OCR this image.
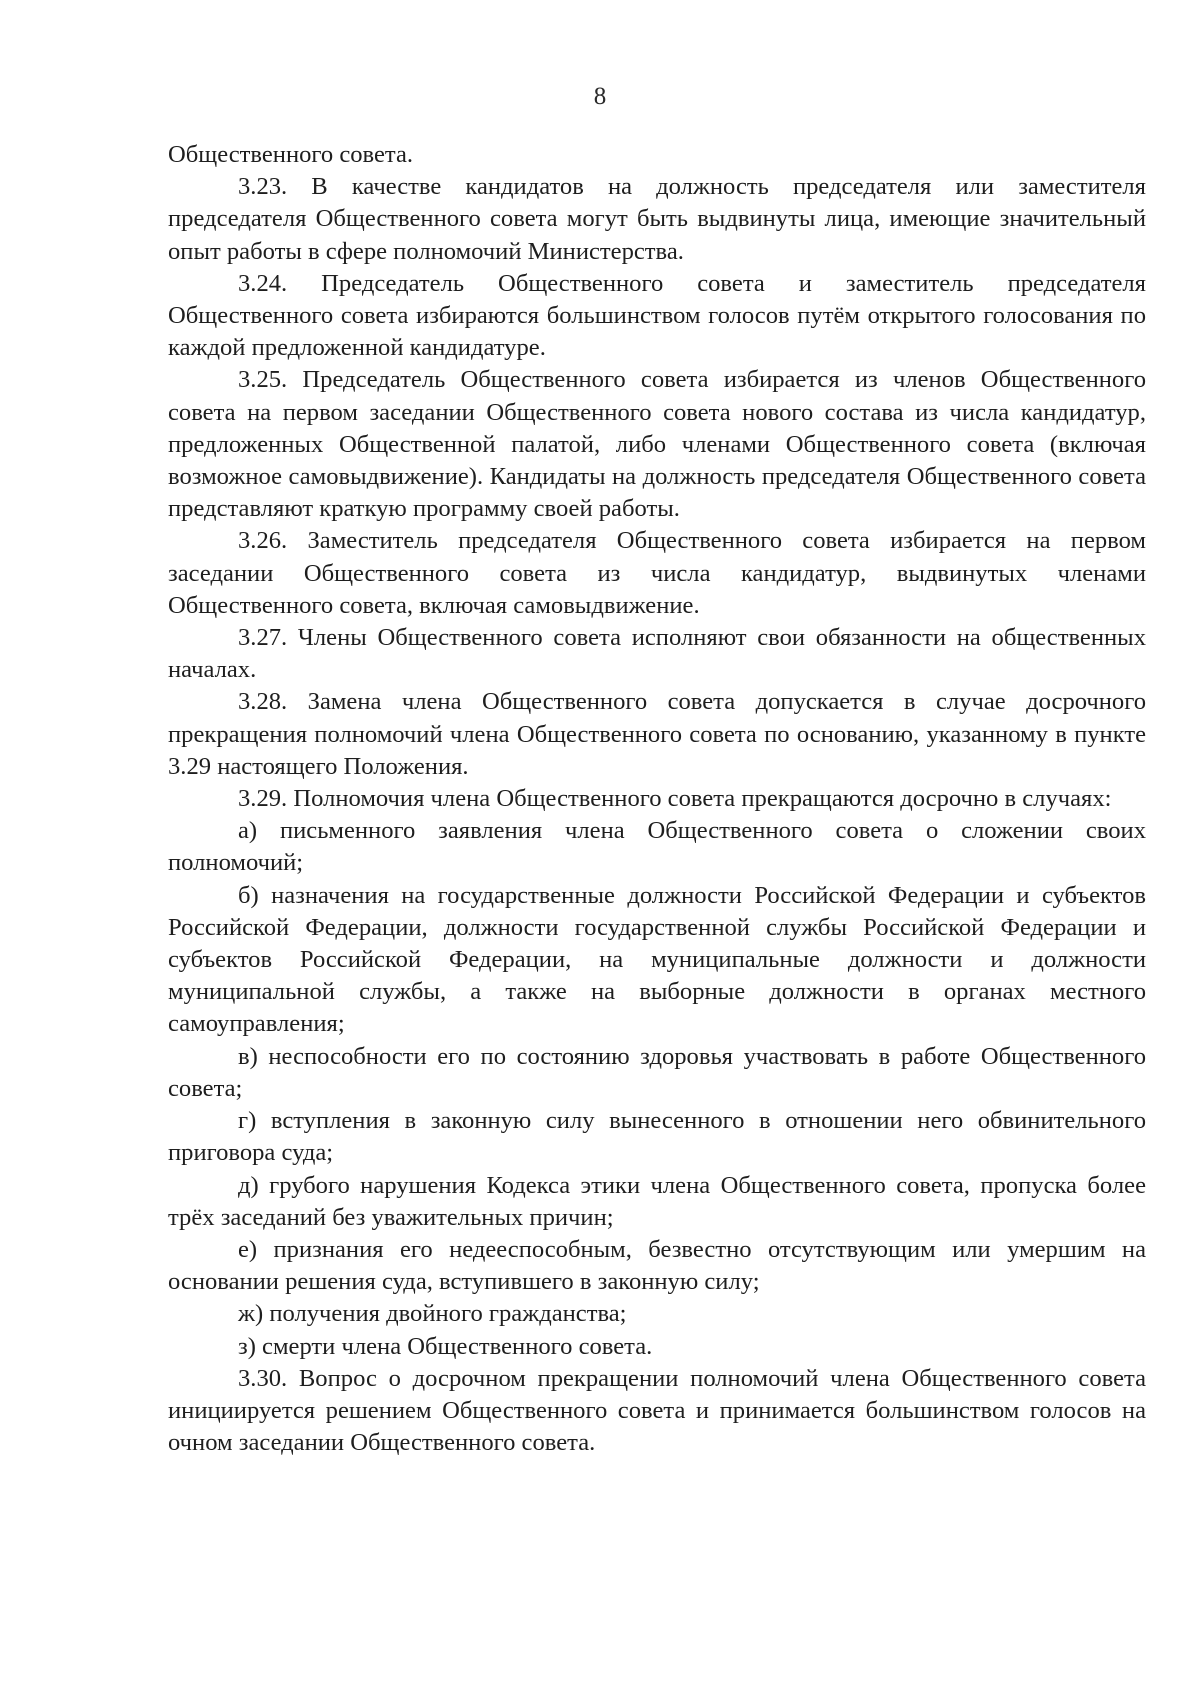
8

Общественного совета.

3.23. В качестве кандидатов на должность председателя или заместителя председателя Общественного совета могут быть выдвинуты лица, имеющие значительный опыт работы в сфере полномочий Министерства.

3.24. Председатель Общественного совета и заместитель председателя Общественного совета избираются большинством голосов путём открытого голосования по каждой предложенной кандидатуре.

3.25. Председатель Общественного совета избирается из членов Общественного совета на первом заседании Общественного совета нового состава из числа кандидатур, предложенных Общественной палатой, либо членами Общественного совета (включая возможное самовыдвижение). Кандидаты на должность председателя Общественного совета представляют краткую программу своей работы.

3.26. Заместитель председателя Общественного совета избирается на первом заседании Общественного совета из числа кандидатур, выдвинутых членами Общественного совета, включая самовыдвижение.

3.27. Члены Общественного совета исполняют свои обязанности на общественных началах.

3.28. Замена члена Общественного совета допускается в случае досрочного прекращения полномочий члена Общественного совета по основанию, указанному в пункте 3.29 настоящего Положения.

3.29. Полномочия члена Общественного совета прекращаются досрочно в случаях:

а) письменного заявления члена Общественного совета о сложении своих полномочий;

б) назначения на государственные должности Российской Федерации и субъектов Российской Федерации, должности государственной службы Российской Федерации и субъектов Российской Федерации, на муниципальные должности и должности муниципальной службы, а также на выборные должности в органах местного самоуправления;

в) неспособности его по состоянию здоровья участвовать в работе Общественного совета;

г) вступления в законную силу вынесенного в отношении него обвинительного приговора суда;

д) грубого нарушения Кодекса этики члена Общественного совета, пропуска более трёх заседаний без уважительных причин;

е) признания его недееспособным, безвестно отсутствующим или умершим на основании решения суда, вступившего в законную силу;

ж) получения двойного гражданства;

з) смерти члена Общественного совета.

3.30. Вопрос о досрочном прекращении полномочий члена Общественного совета инициируется решением Общественного совета и принимается большинством голосов на очном заседании Общественного совета.
